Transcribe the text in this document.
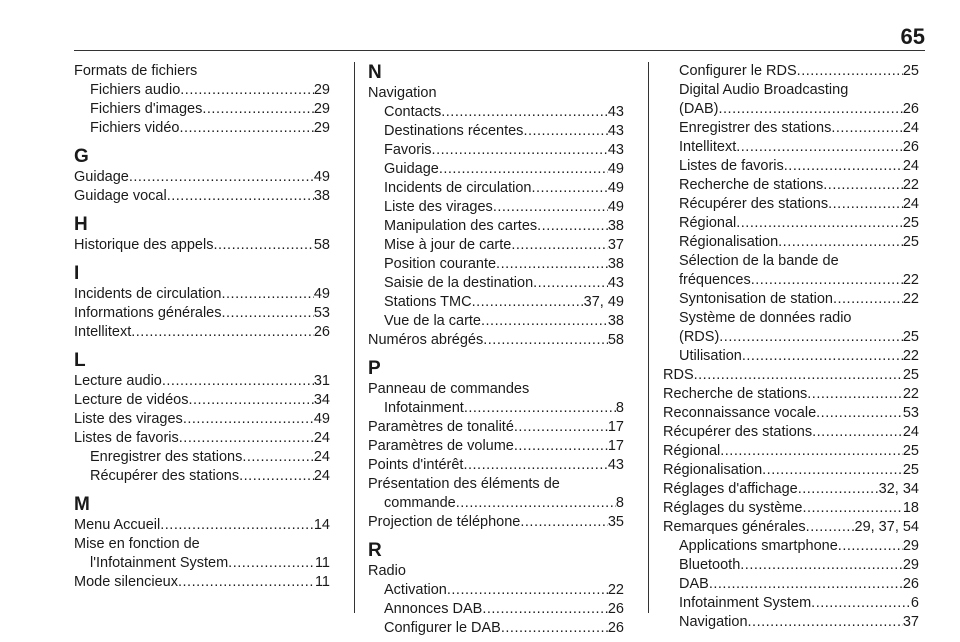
65
Formats de fichiers
Fichiers audio .....	29
Fichiers d'images .....	29
Fichiers vidéo .....	29
G
Guidage .....	49
Guidage vocal .....	38
H
Historique des appels .....	58
I
Incidents de circulation .....	49
Informations générales .....	53
Intellitext .....	26
L
Lecture audio .....	31
Lecture de vidéos .....	34
Liste des virages .....	49
Listes de favoris .....	24
Enregistrer des stations .....	24
Récupérer des stations .....	24
M
Menu Accueil .....	14
Mise en fonction de
l'Infotainment System .....	11
Mode silencieux .....	11
N
Navigation
Contacts .....	43
Destinations récentes .....	43
Favoris .....	43
Guidage .....	49
Incidents de circulation .....	49
Liste des virages .....	49
Manipulation des cartes .....	38
Mise à jour de carte .....	37
Position courante .....	38
Saisie de la destination .....	43
Stations TMC .....	37, 49
Vue de la carte .....	38
Numéros abrégés .....	58
P
Panneau de commandes
Infotainment .....	8
Paramètres de tonalité .....	17
Paramètres de volume .....	17
Points d'intérêt .....	43
Présentation des éléments de
commande .....	8
Projection de téléphone .....	35
R
Radio
Activation .....	22
Annonces DAB .....	26
Configurer le DAB .....	26
Configurer le RDS .....	25
Digital Audio Broadcasting
(DAB) .....	26
Enregistrer des stations .....	24
Intellitext .....	26
Listes de favoris .....	24
Recherche de stations .....	22
Récupérer des stations .....	24
Régional .....	25
Régionalisation .....	25
Sélection de la bande de
fréquences .....	22
Syntonisation de station .....	22
Système de données radio
(RDS) .....	25
Utilisation .....	22
RDS .....	25
Recherche de stations .....	22
Reconnaissance vocale .....	53
Récupérer des stations .....	24
Régional .....	25
Régionalisation .....	25
Réglages d'affichage .....	32, 34
Réglages du système .....	18
Remarques générales .....	29, 37, 54
Applications smartphone .....	29
Bluetooth .....	29
DAB .....	26
Infotainment System .....	6
Navigation .....	37
